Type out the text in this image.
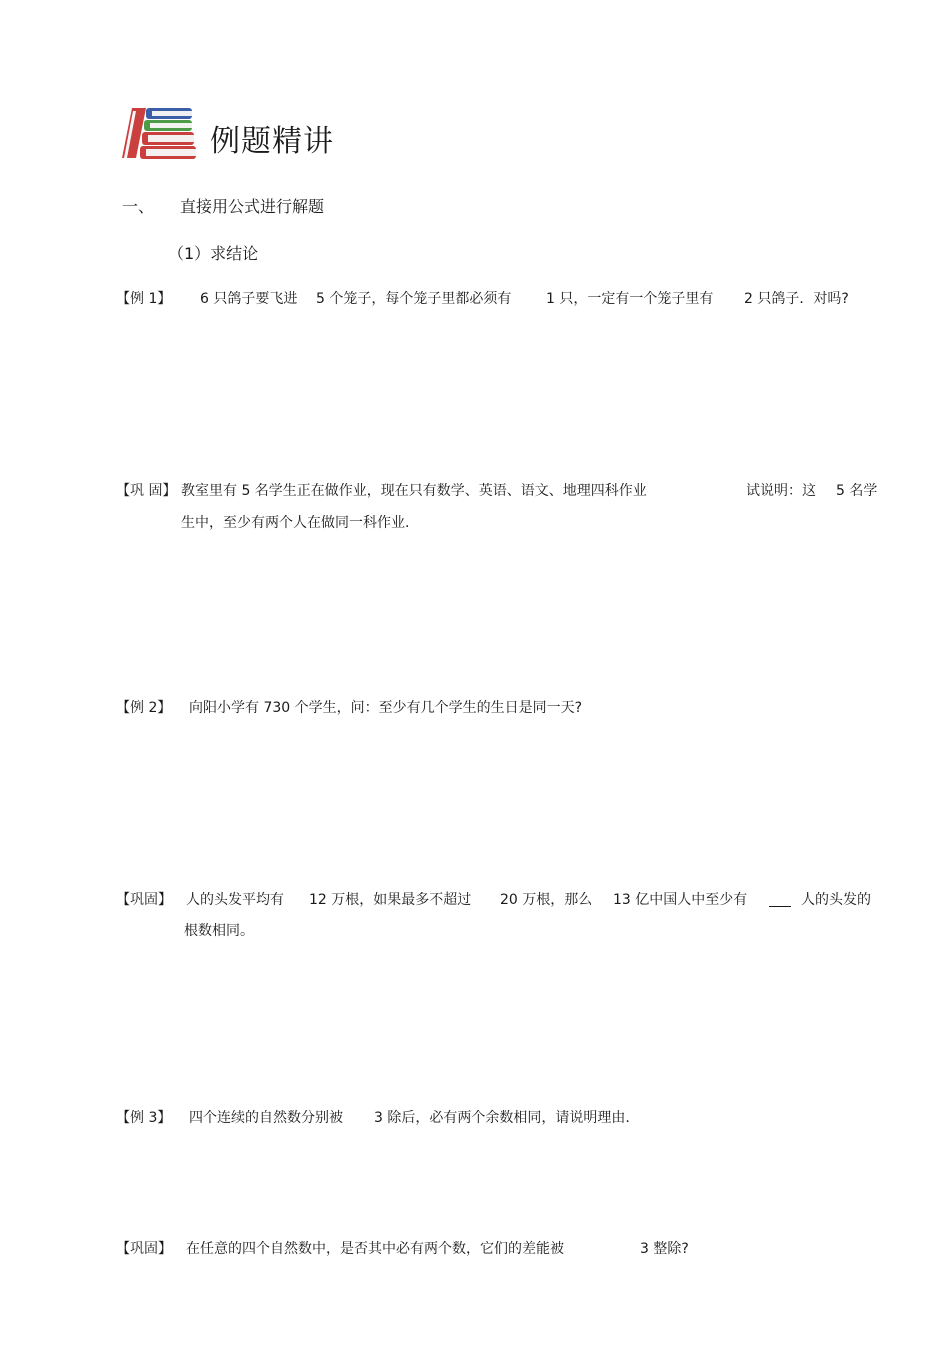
例题精讲
一、 直接用公式进行解题
（1）求结论
【例 1】 6 只鸽子要飞进 5 个笼子，每个笼子里都必须有 1 只，一定有一个笼子里有 2 只鸽子．对吗?
【巩 固】 教室里有 5 名学生正在做作业，现在只有数学、英语、语文、地理四科作业	试说明：这 5 名学
生中，至少有两个人在做同一科作业.
【例 2】 向阳小学有 730 个学生，问：至少有几个学生的生日是同一天?
【巩固】 人的头发平均有 12 万根，如果最多不超过 20 万根，那么 13 亿中国人中至少有	人的头发的
根数相同。
【例 3】 四个连续的自然数分别被 3 除后，必有两个余数相同，请说明理由.
【巩固】 在任意的四个自然数中，是否其中必有两个数，它们的差能被	3 整除?
